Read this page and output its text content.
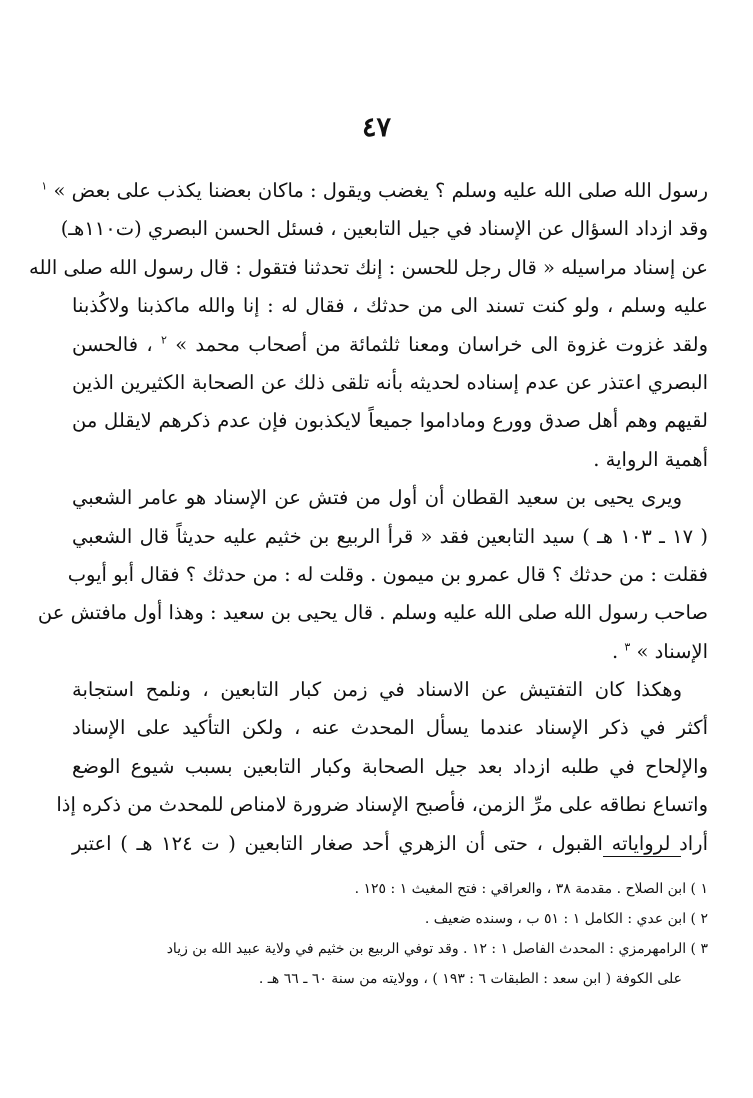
٤٧
رسول الله صلى الله عليه وسلم ؟ يغضب ويقول : ماكان بعضنا يكذب على بعض » $^١$
وقد ازداد السؤال عن الإسناد في جيل التابعين ، فسئل الحسن البصري (ت١١٠هـ)
عن إسناد مراسيله « قال رجل للحسن : إنك تحدثنا فتقول : قال رسول الله صلى الله
عليه وسلم ، ولو كنت تسند الى من حدثك ، فقال له : إنا والله ماكذبنا ولاكُذبنا
ولقد غزوت غزوة الى خراسان ومعنا ثلثمائة من أصحاب محمد » $^٢$ ، فالحسن
البصري اعتذر عن عدم إسناده لحديثه بأنه تلقى ذلك عن الصحابة الكثيرين الذين
لقيهم وهم أهل صدق وورع وماداموا جميعاً لايكذبون فإن عدم ذكرهم لايقلل من
أهمية الرواية .
ويرى يحيى بن سعيد القطان أن أول من فتش عن الإسناد هو عامر الشعبي
( ١٧ ـ ١٠٣ هـ ) سيد التابعين فقد « قرأ الربيع بن خثيم عليه حديثاً قال الشعبي
فقلت : من حدثك ؟ قال عمرو بن ميمون . وقلت له : من حدثك ؟ فقال أبو أيوب
صاحب رسول الله صلى الله عليه وسلم . قال يحيى بن سعيد : وهذا أول مافتش عن
الإسناد » $^٣$ .
وهكذا كان التفتيش عن الاسناد في زمن كبار التابعين ، ونلمح استجابة
أكثر في ذكر الإسناد عندما يسأل المحدث عنه ، ولكن التأكيد على الإسناد
والإلحاح في طلبه ازداد بعد جيل الصحابة وكبار التابعين بسبب شيوع الوضع
واتساع نطاقه على مرِّ الزمن، فأصبح الإسناد ضرورة لامناص للمحدث من ذكره إذا
أراد لرواياته القبول ، حتى أن الزهري أحد صغار التابعين ( ت ١٢٤ هـ ) اعتبر
١ ) ابن الصلاح . مقدمة ٣٨ ، والعراقي : فتح المغيث ١ : ١٢٥ .
٢ ) ابن عدي : الكامل ١ : ٥١ ب ، وسنده ضعيف .
٣ ) الرامهرمزي : المحدث الفاصل ١ : ١٢ . وقد توفي الربيع بن خثيم في ولاية عبيد الله بن زياد
على الكوفة ( ابن سعد : الطبقات ٦ : ١٩٣ ) ، وولايته من سنة ٦٠ ـ ٦٦ هـ .
